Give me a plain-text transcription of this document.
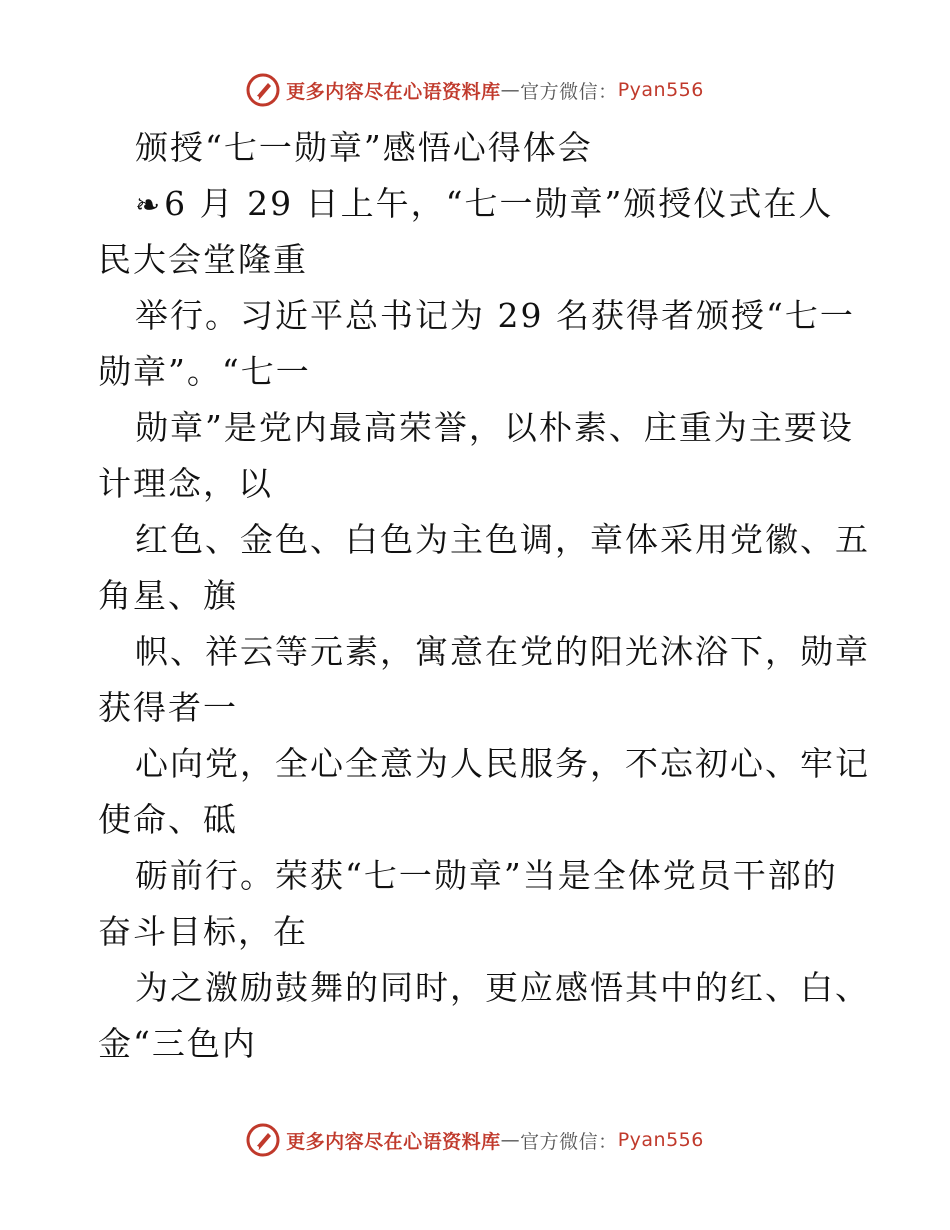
更多内容尽在心语资料库 — 官方微信： Pyan556
颁授“七一勋章”感悟心得体会
❧6 月 29 日上午，“七一勋章”颁授仪式在人
民大会堂隆重
举行。习近平总书记为 29 名获得者颁授“七一
勋章”。“七一
勋章”是党内最高荣誉，以朴素、庄重为主要设
计理念，以
红色、金色、白色为主色调，章体采用党徽、五
角星、旗
帜、祥云等元素，寓意在党的阳光沐浴下，勋章
获得者一
心向党，全心全意为人民服务，不忘初心、牢记
使命、砥
砺前行。荣获“七一勋章”当是全体党员干部的
奋斗目标，在
为之激励鼓舞的同时，更应感悟其中的红、白、
金“三色内
更多内容尽在心语资料库 — 官方微信： Pyan556
